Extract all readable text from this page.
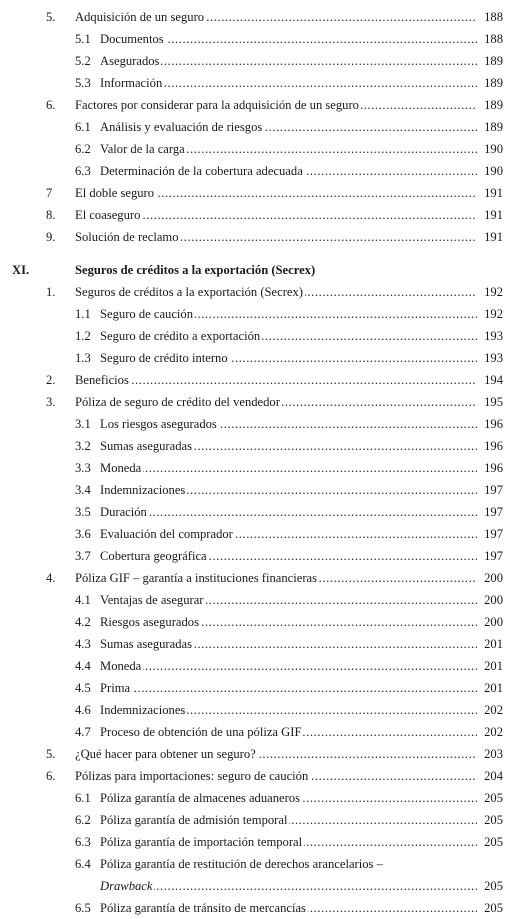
5. Adquisición de un seguro .....	188
5.1 Documentos .....	188
5.2 Asegurados .....	189
5.3 Información .....	189
6. Factores por considerar para la adquisición de un seguro .....	189
6.1 Análisis y evaluación de riesgos .....	189
6.2 Valor de la carga .....	190
6.3 Determinación de la cobertura adecuada .....	190
7 El doble seguro .....	191
8. El coaseguro .....	191
9. Solución de reclamo .....	191
XI.	Seguros de créditos a la exportación (Secrex)
1. Seguros de créditos a la exportación (Secrex) .....	192
1.1 Seguro de caución .....	192
1.2 Seguro de crédito a exportación .....	193
1.3 Seguro de crédito interno .....	193
2. Beneficios .....	194
3. Póliza de seguro de crédito del vendedor .....	195
3.1 Los riesgos asegurados .....	196
3.2 Sumas aseguradas .....	196
3.3 Moneda .....	196
3.4 Indemnizaciones .....	197
3.5 Duración .....	197
3.6 Evaluación del comprador .....	197
3.7 Cobertura geográfica .....	197
4. Póliza GIF – garantía a instituciones financieras .....	200
4.1 Ventajas de asegurar .....	200
4.2 Riesgos asegurados .....	200
4.3 Sumas aseguradas .....	201
4.4 Moneda .....	201
4.5 Prima .....	201
4.6 Indemnizaciones .....	202
4.7 Proceso de obtención de una póliza GIF .....	202
5. ¿Qué hacer para obtener un seguro? .....	203
6. Pólizas para importaciones: seguro de caución .....	204
6.1 Póliza garantía de almacenes aduaneros .....	205
6.2 Póliza garantía de admisión temporal .....	205
6.3 Póliza garantía de importación temporal .....	205
6.4 Póliza garantía de restitución de derechos arancelarios –
Drawback .....	205
6.5 Póliza garantía de tránsito de mercancías .....	205
